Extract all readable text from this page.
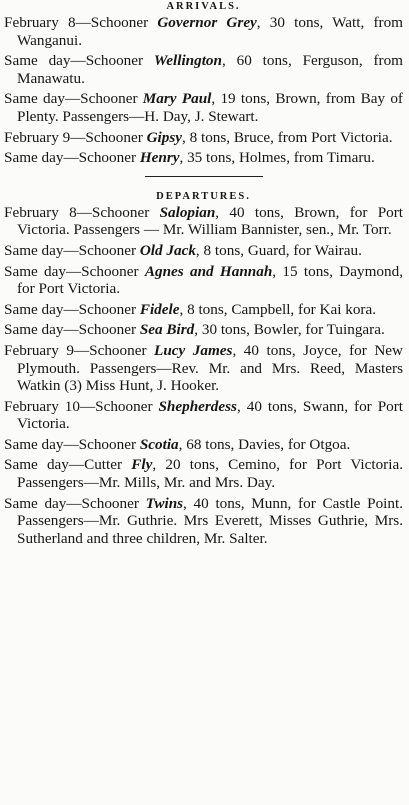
ARRIVALS.

February 8—Schooner Governor Grey, 30 tons, Watt, from Wanganui.

Same day—Schooner Wellington, 60 tons, Ferguson, from Manawatu.

Same day—Schooner Mary Paul, 19 tons, Brown, from Bay of Plenty. Passengers—H. Day, J. Stewart.

February 9—Schooner Gipsy, 8 tons, Bruce, from Port Victoria.

Same day—Schooner Henry, 35 tons, Holmes, from Timaru.

DEPARTURES.

February 8—Schooner Salopian, 40 tons, Brown, for Port Victoria. Passengers — Mr. William Bannister, sen., Mr. Torr.

Same day—Schooner Old Jack, 8 tons, Guard, for Wairau.

Same day—Schooner Agnes and Hannah, 15 tons, Daymond, for Port Victoria.

Same day—Schooner Fidele, 8 tons, Campbell, for Kai kora.

Same day—Schooner Sea Bird, 30 tons, Bowler, for Tuingara.

February 9—Schooner Lucy James, 40 tons, Joyce, for New Plymouth. Passengers—Rev. Mr. and Mrs. Reed, Masters Watkin (3) Miss Hunt, J. Hooker.

February 10—Schooner Shepherdess, 40 tons, Swann, for Port Victoria.

Same day—Schooner Scotia, 68 tons, Davies, for Otgoa.

Same day—Cutter Fly, 20 tons, Cemino, for Port Victoria. Passengers—Mr. Mills, Mr. and Mrs. Day.

Same day—Schooner Twins, 40 tons, Munn, for Castle Point. Passengers—Mr. Guthrie. Mrs Everett, Misses Guthrie, Mrs. Sutherland and three children, Mr. Salter.
